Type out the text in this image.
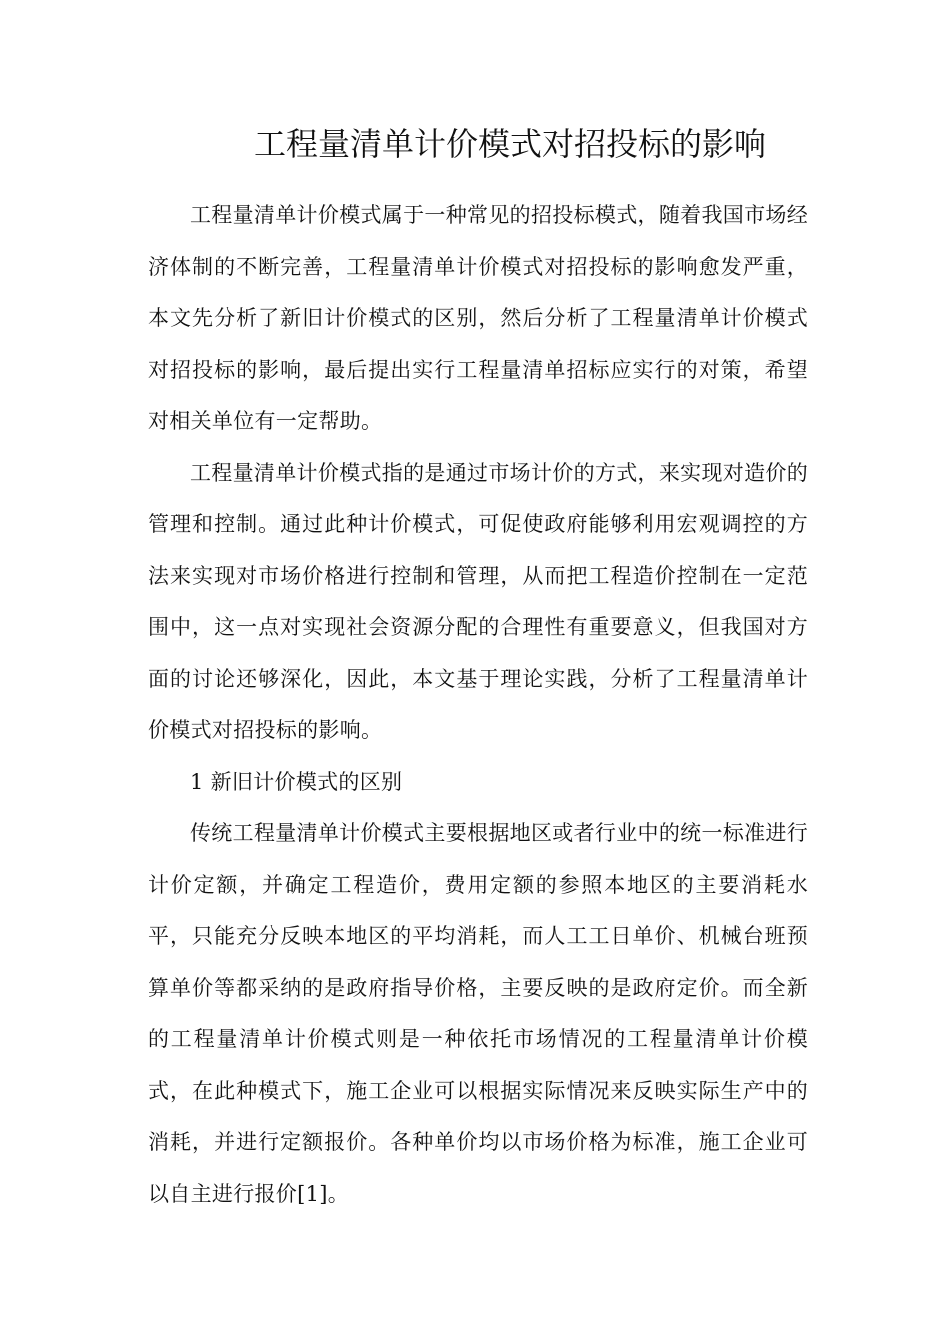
工程量清单计价模式对招投标的影响

工程量清单计价模式属于一种常见的招投标模式，随着我国市场经济体制的不断完善，工程量清单计价模式对招投标的影响愈发严重，本文先分析了新旧计价模式的区别，然后分析了工程量清单计价模式对招投标的影响，最后提出实行工程量清单招标应实行的对策，希望对相关单位有一定帮助。

工程量清单计价模式指的是通过市场计价的方式，来实现对造价的管理和控制。通过此种计价模式，可促使政府能够利用宏观调控的方法来实现对市场价格进行控制和管理，从而把工程造价控制在一定范围中，这一点对实现社会资源分配的合理性有重要意义，但我国对方面的讨论还够深化，因此，本文基于理论实践，分析了工程量清单计价模式对招投标的影响。

1 新旧计价模式的区别

传统工程量清单计价模式主要根据地区或者行业中的统一标准进行计价定额，并确定工程造价，费用定额的参照本地区的主要消耗水平，只能充分反映本地区的平均消耗，而人工工日单价、机械台班预算单价等都采纳的是政府指导价格，主要反映的是政府定价。而全新的工程量清单计价模式则是一种依托市场情况的工程量清单计价模式，在此种模式下，施工企业可以根据实际情况来反映实际生产中的消耗，并进行定额报价。各种单价均以市场价格为标准，施工企业可以自主进行报价[1]。
